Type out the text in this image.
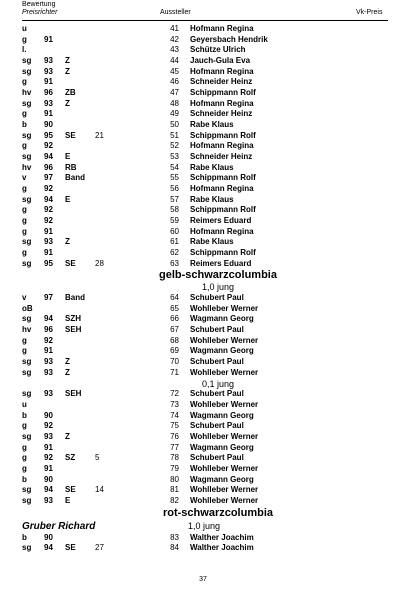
Bewertung
Preisrichter	Aussteller	Vk-Preis
u	41 Hofmann Regina
g 91	42 Geyersbach Hendrik
l.	43 Schütze Ulrich
sg 93 Z	44 Jauch-Gula Eva
sg 93 Z	45 Hofmann Regina
g 91	46 Schneider Heinz
hv 96 ZB	47 Schippmann Rolf
sg 93 Z	48 Hofmann Regina
g 91	49 Schneider Heinz
b 90	50 Rabe Klaus
sg 95 SE 21	51 Schippmann Rolf
g 92	52 Hofmann Regina
sg 94 E	53 Schneider Heinz
hv 96 RB	54 Rabe Klaus
v 97 Band	55 Schippmann Rolf
g 92	56 Hofmann Regina
sg 94 E	57 Rabe Klaus
g 92	58 Schippmann Rolf
g 92	59 Reimers Eduard
g 91	60 Hofmann Regina
sg 93 Z	61 Rabe Klaus
g 91	62 Schippmann Rolf
sg 95 SE 28	63 Reimers Eduard
gelb-schwarzcolumbia
1,0 jung
v 97 Band	64 Schubert Paul
oB	65 Wohlleber Werner
sg 94 SZH	66 Wagmann Georg
hv 96 SEH	67 Schubert Paul
g 92	68 Wohlleber Werner
g 91	69 Wagmann Georg
sg 93 Z	70 Schubert Paul
sg 93 Z	71 Wohlleber Werner
0,1 jung
sg 93 SEH	72 Schubert Paul
u	73 Wohlleber Werner
b 90	74 Wagmann Georg
g 92	75 Schubert Paul
sg 93 Z	76 Wohlleber Werner
g 91	77 Wagmann Georg
g 92 SZ 5	78 Schubert Paul
g 91	79 Wohlleber Werner
b 90	80 Wagmann Georg
sg 94 SE 14	81 Wohlleber Werner
sg 93 E	82 Wohlleber Werner
rot-schwarzcolumbia
Gruber Richard	1,0 jung
b 90	83 Walther Joachim
sg 94 SE 27	84 Walther Joachim
37
